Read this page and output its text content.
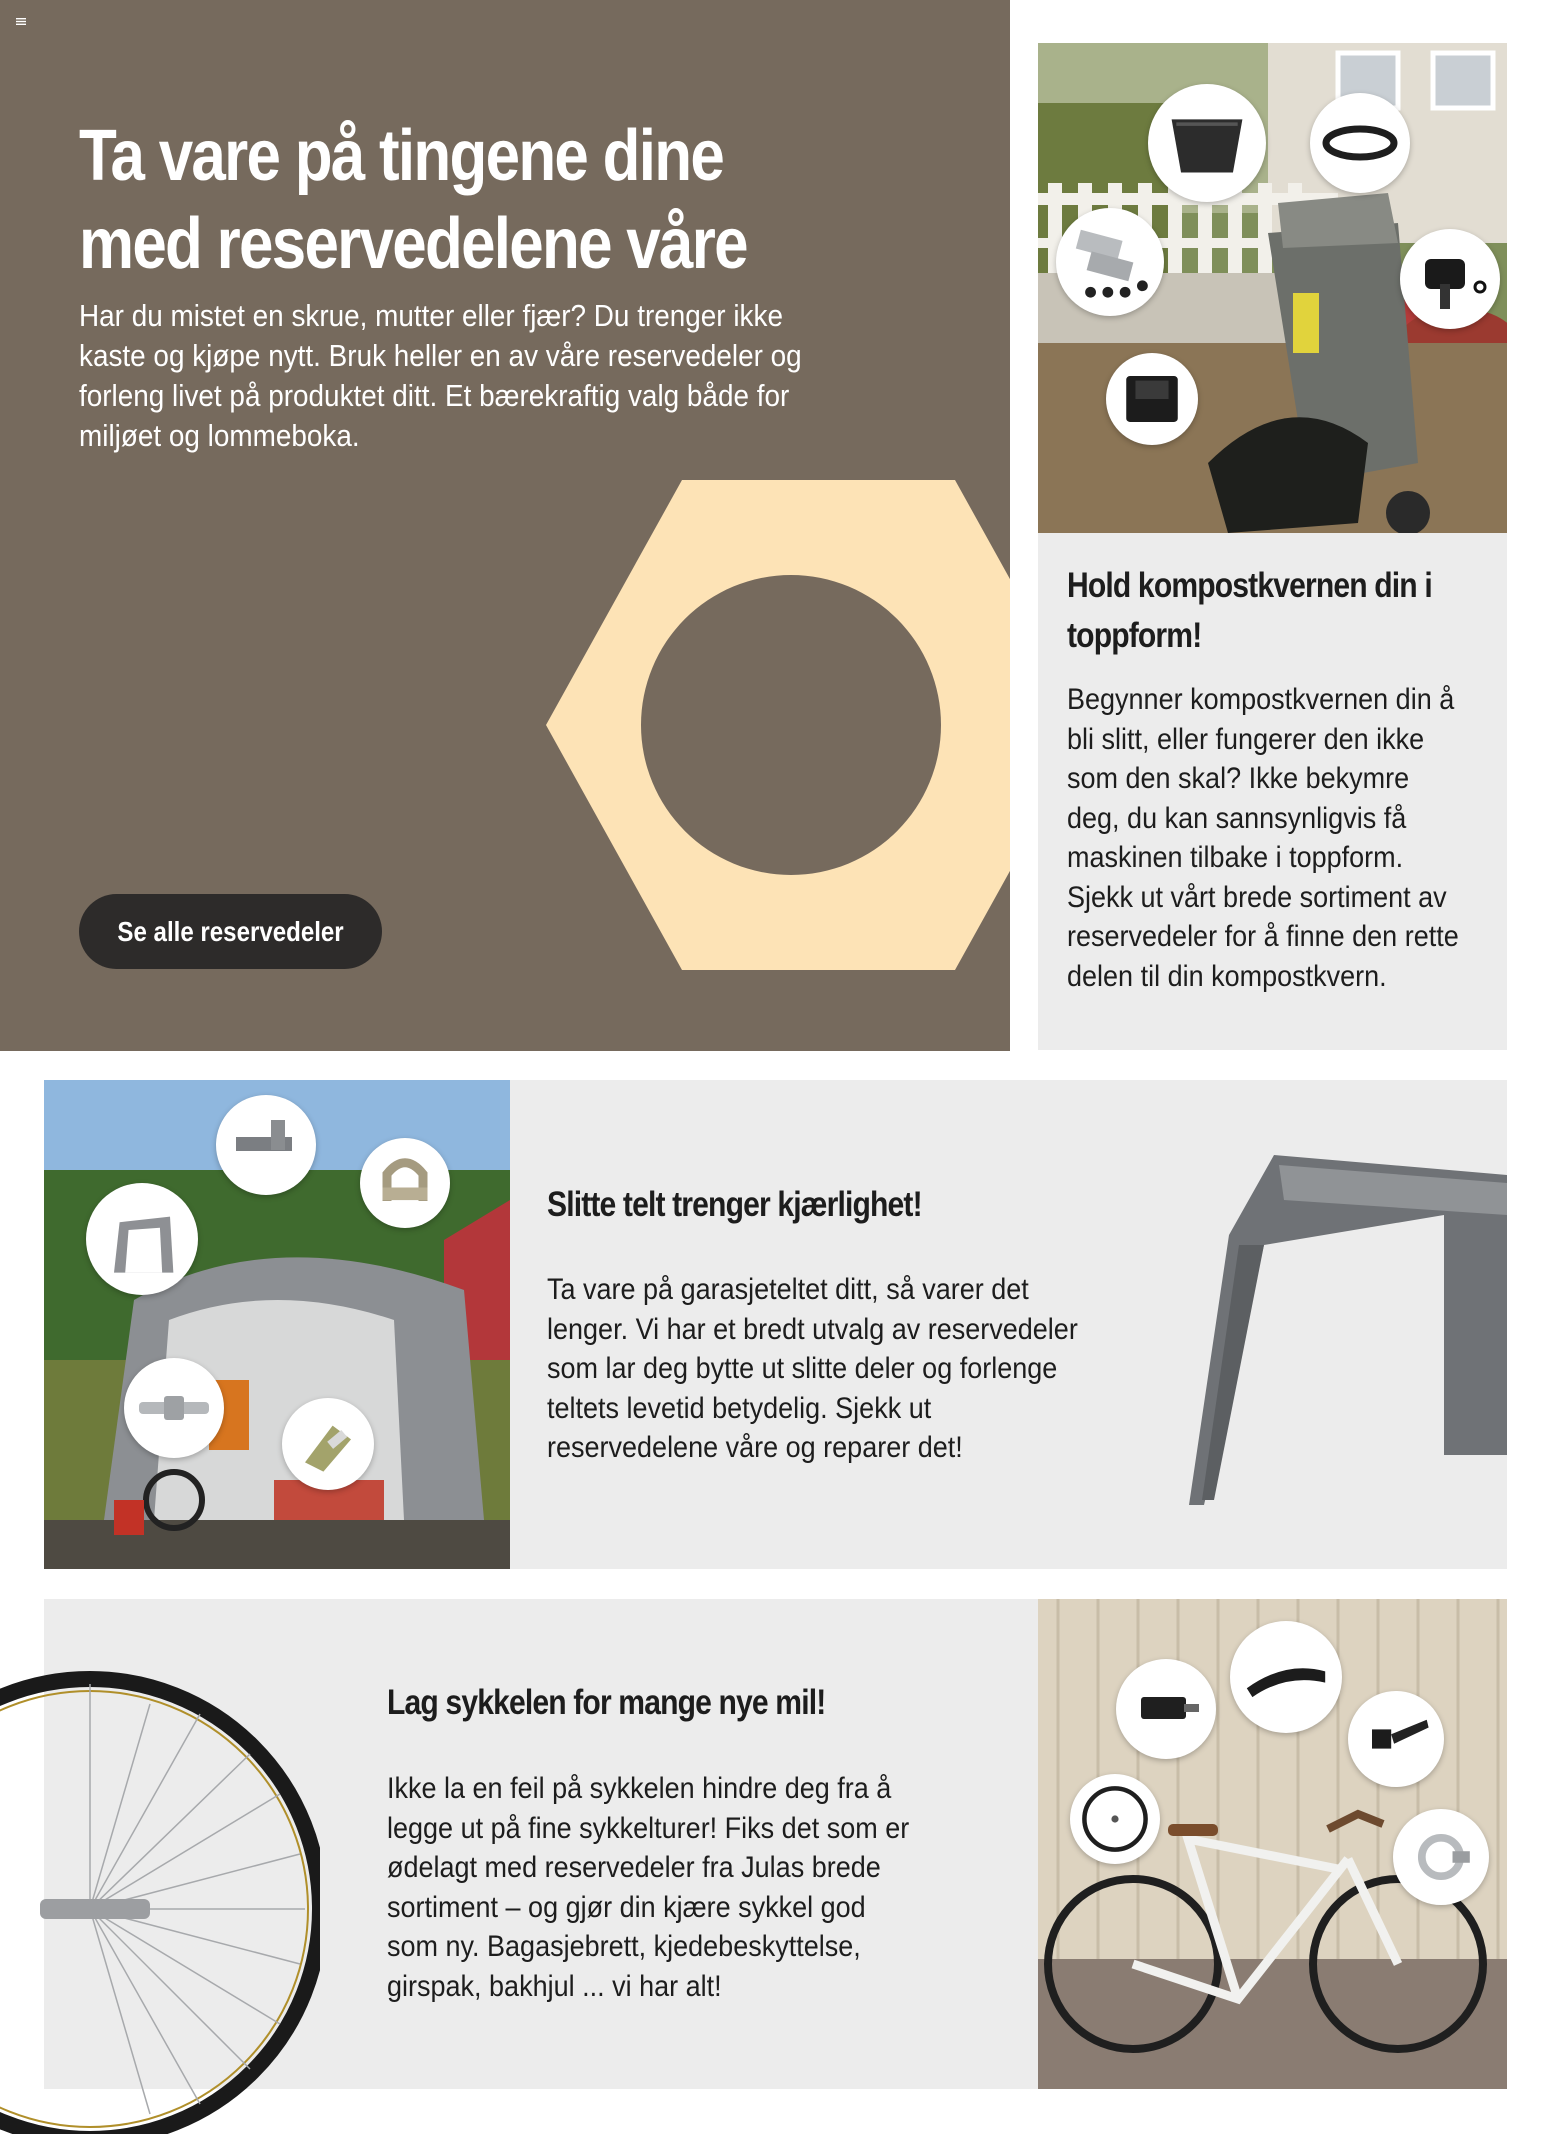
Ta vare på tingene dine
med reservedelene våre

Har du mistet en skrue, mutter eller fjær? Du trenger ikke kaste og kjøpe nytt. Bruk heller en av våre reservedeler og forleng livet på produktet ditt. Et bærekraftig valg både for miljøet og lommeboka.

Se alle reservedeler
Hold kompostkvernen din i toppform!

Begynner kompostkvernen din å bli slitt, eller fungerer den ikke som den skal? Ikke bekymre deg, du kan sannsynligvis få maskinen tilbake i toppform. Sjekk ut vårt brede sortiment av reservedeler for å finne den rette delen til din kompostkvern.

Slitte telt trenger kjærlighet!

Ta vare på garasjeteltet ditt, så varer det lenger. Vi har et bredt utvalg av reservedeler som lar deg bytte ut slitte deler og forlenge teltets levetid betydelig. Sjekk ut reservedelene våre og reparer det!

Lag sykkelen for mange nye mil!

Ikke la en feil på sykkelen hindre deg fra å legge ut på fine sykkelturer! Fiks det som er ødelagt med reservedeler fra Julas brede sortiment – og gjør din kjære sykkel god som ny. Bagasjebrett, kjedebeskyttelse, girspak, bakhjul ... vi har alt!
